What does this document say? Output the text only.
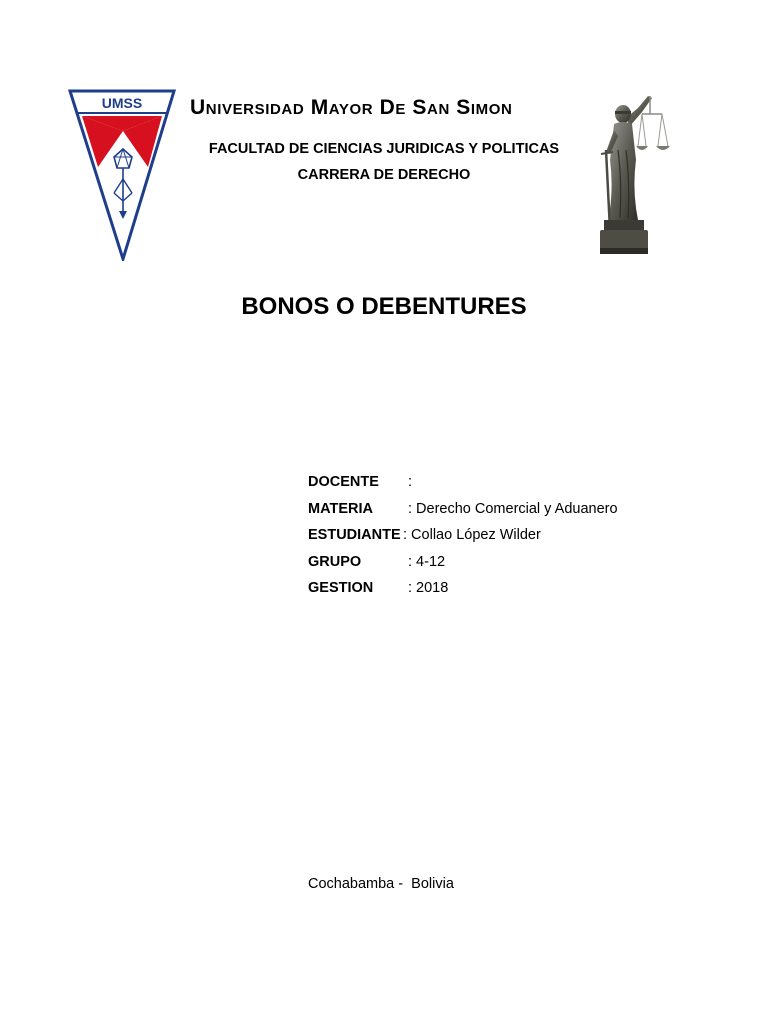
UMSS Universidad Mayor De San Simon
FACULTAD DE CIENCIAS JURIDICAS Y POLITICAS
CARRERA DE DERECHO
BONOS O DEBENTURES
DOCENTE :
MATERIA : Derecho Comercial y Aduanero
ESTUDIANTE : Collao López Wilder
GRUPO	: 4-12
GESTION : 2018
Cochabamba -  Bolivia
